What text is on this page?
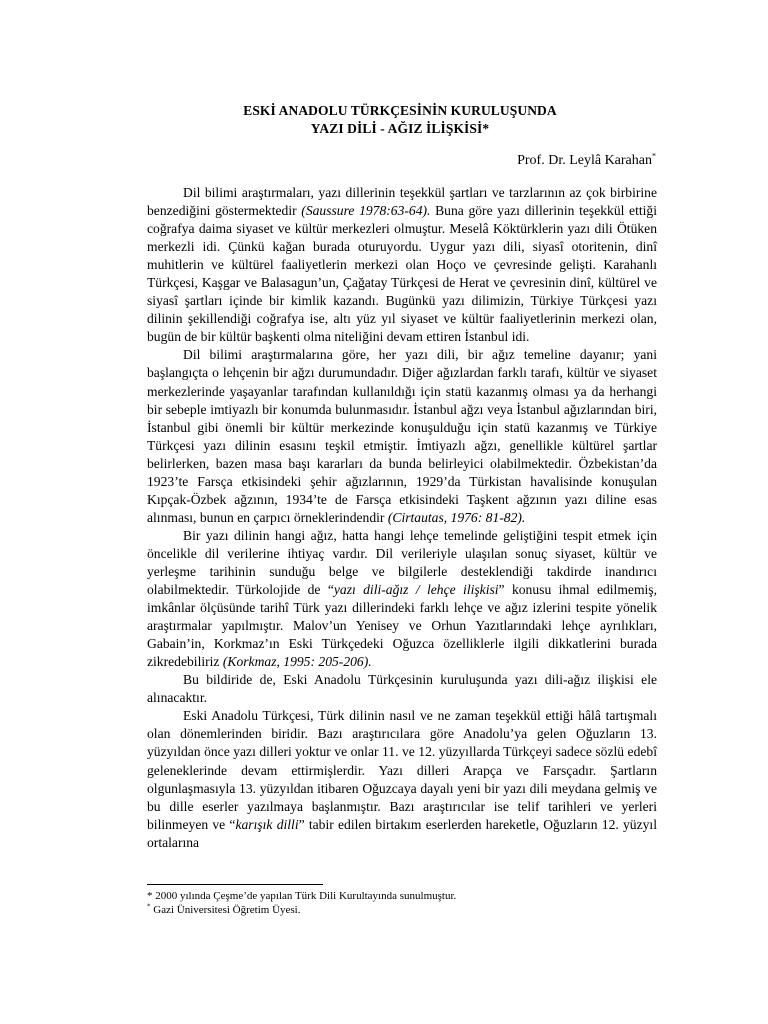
ESKİ ANADOLU TÜRKÇESİNİN KURULUŞUNDA
YAZI DİLİ - AĞIZ İLİŞKİSİ*
Prof. Dr. Leylâ Karahan*

Dil bilimi araştırmaları, yazı dillerinin teşekkül şartları ve tarzlarının az çok birbirine benzediğini göstermektedir (Saussure 1978:63-64). Buna göre yazı dillerinin teşekkül ettiği coğrafya daima siyaset ve kültür merkezleri olmuştur. Meselâ Köktürklerin yazı dili Ötüken merkezli idi. Çünkü kağan burada oturuyordu. Uygur yazı dili, siyasî otoritenin, dinî muhitlerin ve kültürel faaliyetlerin merkezi olan Hoço ve çevresinde gelişti. Karahanlı Türkçesi, Kaşgar ve Balasagun’un, Çağatay Türkçesi de Herat ve çevresinin dinî, kültürel ve siyasî şartları içinde bir kimlik kazandı. Bugünkü yazı dilimizin, Türkiye Türkçesi yazı dilinin şekillendiği coğrafya ise, altı yüz yıl siyaset ve kültür faaliyetlerinin merkezi olan, bugün de bir kültür başkenti olma niteliğini devam ettiren İstanbul idi.

Dil bilimi araştırmalarına göre, her yazı dili, bir ağız temeline dayanır; yani başlangıçta o lehçenin bir ağzı durumundadır. Diğer ağızlardan farklı tarafı, kültür ve siyaset merkezlerinde yaşayanlar tarafından kullanıldığı için statü kazanmış olması ya da herhangi bir sebeple imtiyazlı bir konumda bulunmasıdır. İstanbul ağzı veya İstanbul ağızlarından biri, İstanbul gibi önemli bir kültür merkezinde konuşulduğu için statü kazanmış ve Türkiye Türkçesi yazı dilinin esasını teşkil etmiştir. İmtiyazlı ağzı, genellikle kültürel şartlar belirlerken, bazen masa başı kararları da bunda belirleyici olabilmektedir. Özbekistan’da 1923’te Farsça etkisindeki şehir ağızlarının, 1929’da Türkistan havalisinde konuşulan Kıpçak-Özbek ağzının, 1934’te de Farsça etkisindeki Taşkent ağzının yazı diline esas alınması, bunun en çarpıcı örneklerindendir (Cirtautas, 1976: 81-82).

Bir yazı dilinin hangi ağız, hatta hangi lehçe temelinde geliştiğini tespit etmek için öncelikle dil verilerine ihtiyaç vardır. Dil verileriyle ulaşılan sonuç siyaset, kültür ve yerleşme tarihinin sunduğu belge ve bilgilerle desteklendiği takdirde inandırıcı olabilmektedir. Türkolojide de “yazı dili-ağız / lehçe ilişkisi” konusu ihmal edilmemiş, imkânlar ölçüsünde tarihî Türk yazı dillerindeki farklı lehçe ve ağız izlerini tespite yönelik araştırmalar yapılmıştır. Malov’un Yenisey ve Orhun Yazıtlarındaki lehçe ayrılıkları, Gabain’in, Korkmaz’ın Eski Türkçedeki Oğuzca özelliklerle ilgili dikkatlerini burada zikredebiliriz (Korkmaz, 1995: 205-206).

Bu bildiride de, Eski Anadolu Türkçesinin kuruluşunda yazı dili-ağız ilişkisi ele alınacaktır.

Eski Anadolu Türkçesi, Türk dilinin nasıl ve ne zaman teşekkül ettiği hâlâ tartışmalı olan dönemlerinden biridir. Bazı araştırıcılara göre Anadolu’ya gelen Oğuzların 13. yüzyıldan önce yazı dilleri yoktur ve onlar 11. ve 12. yüzyıllarda Türkçeyi sadece sözlü edebî geleneklerinde devam ettirmişlerdir. Yazı dilleri Arapça ve Farsçadır. Şartların olgunlaşmasıyla 13. yüzyıldan itibaren Oğuzcaya dayalı yeni bir yazı dili meydana gelmiş ve bu dille eserler yazılmaya başlanmıştır. Bazı araştırıcılar ise telif tarihleri ve yerleri bilinmeyen ve “karışık dilli” tabir edilen birtakım eserlerden hareketle, Oğuzların 12. yüzyıl ortalarına

* 2000 yılında Çeşme’de yapılan Türk Dili Kurultayında sunulmuştur.
* Gazi Üniversitesi Öğretim Üyesi.
